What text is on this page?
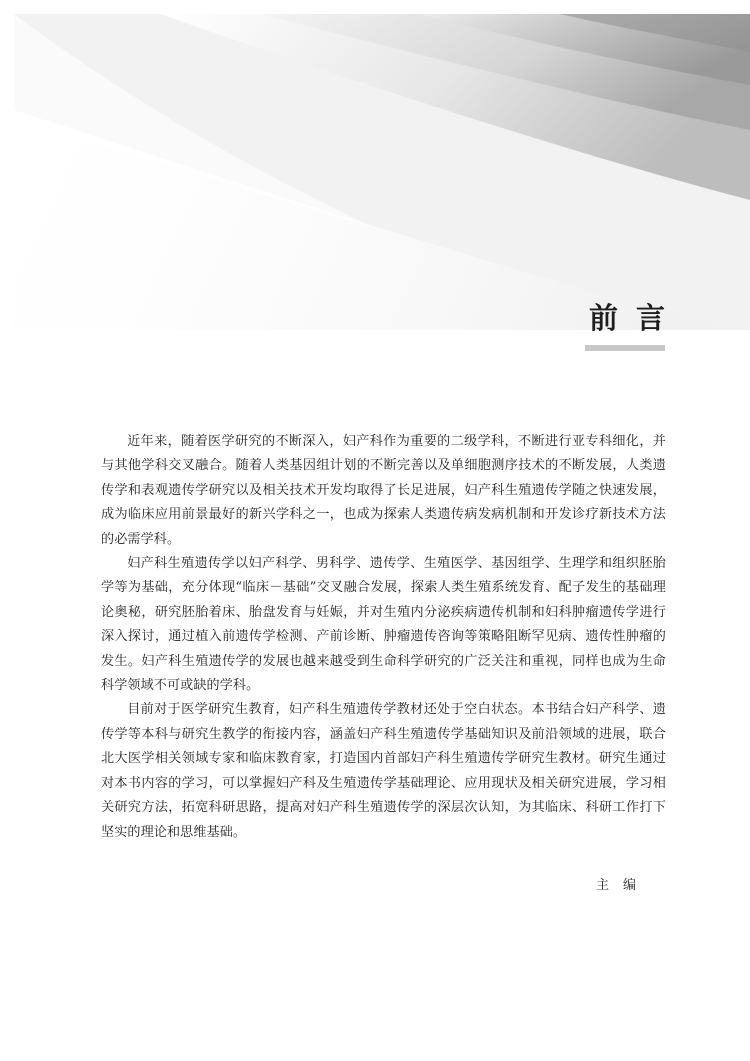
前言

近年来，随着医学研究的不断深入，妇产科作为重要的二级学科，不断进行亚专科细化，并与其他学科交叉融合。随着人类基因组计划的不断完善以及单细胞测序技术的不断发展，人类遗传学和表观遗传学研究以及相关技术开发均取得了长足进展，妇产科生殖遗传学随之快速发展，成为临床应用前景最好的新兴学科之一，也成为探索人类遗传病发病机制和开发诊疗新技术方法的必需学科。

妇产科生殖遗传学以妇产科学、男科学、遗传学、生殖医学、基因组学、生理学和组织胚胎学等为基础，充分体现“临床－基础”交叉融合发展，探索人类生殖系统发育、配子发生的基础理论奥秘，研究胚胎着床、胎盘发育与妊娠，并对生殖内分泌疾病遗传机制和妇科肿瘤遗传学进行深入探讨，通过植入前遗传学检测、产前诊断、肿瘤遗传咨询等策略阻断罕见病、遗传性肿瘤的发生。妇产科生殖遗传学的发展也越来越受到生命科学研究的广泛关注和重视，同样也成为生命科学领域不可或缺的学科。

目前对于医学研究生教育，妇产科生殖遗传学教材还处于空白状态。本书结合妇产科学、遗传学等本科与研究生教学的衔接内容，涵盖妇产科生殖遗传学基础知识及前沿领域的进展，联合北大医学相关领域专家和临床教育家，打造国内首部妇产科生殖遗传学研究生教材。研究生通过对本书内容的学习，可以掌握妇产科及生殖遗传学基础理论、应用现状及相关研究进展，学习相关研究方法，拓宽科研思路，提高对妇产科生殖遗传学的深层次认知，为其临床、科研工作打下坚实的理论和思维基础。

主编
